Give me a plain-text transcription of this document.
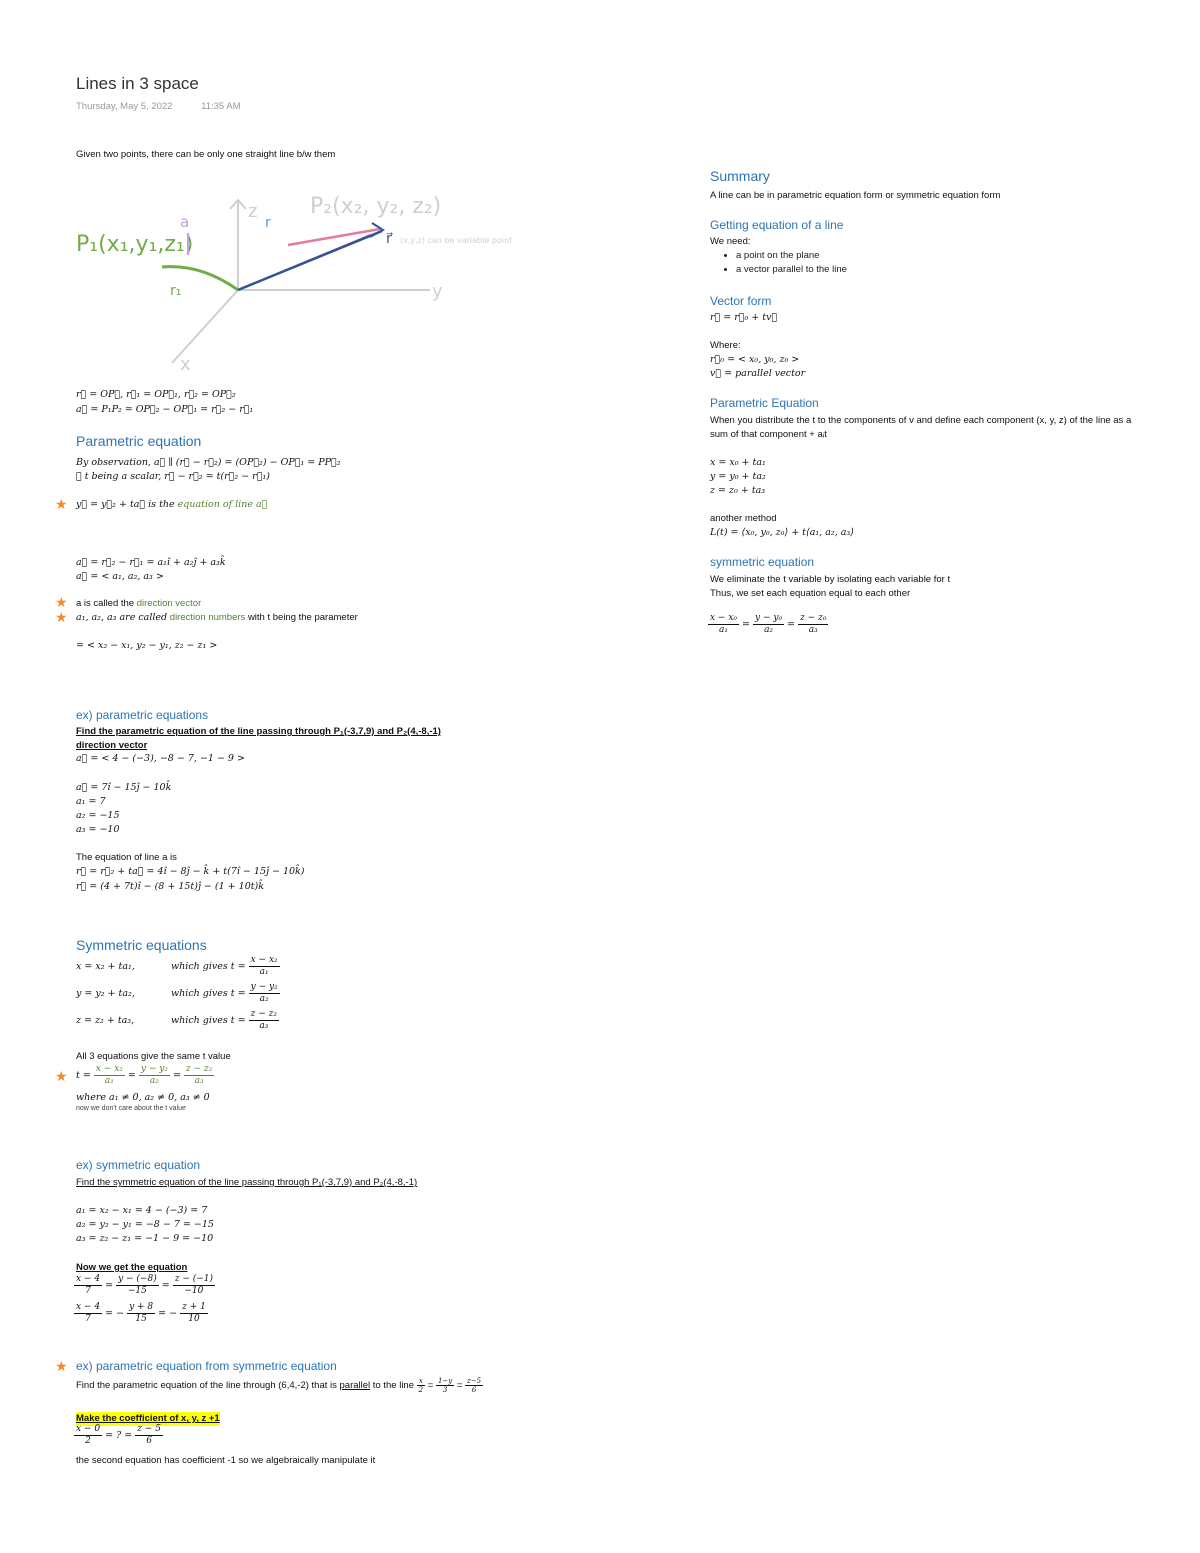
Lines in 3 space
Thursday, May 5, 2022	11:35 AM
Given two points, there can be only one straight line b/w them
z
y
x
P₁(x₁,y₁,z₁)
P₂(x₂, y₂, z₂)
(x,y,z) can be variable point
a	r
r₁
r⃗
r⃗ = OP⃗, r⃗₁ = OP⃗₁, r⃗₂ = OP⃗₂
a⃗ = P₁P₂ = OP⃗₂ − OP⃗₁ = r⃗₂ − r⃗₁
Parametric equation
By observation, a⃗ ∥ (r⃗ − r⃗₂) = (OP⃗₂) − OP⃗₁ = PP⃗₂
∴ t being a scalar, r⃗ − r⃗₂ = t(r⃗₂ − r⃗₁)
★ y⃗ = y⃗₂ + ta⃗ is the equation of line a⃗
a⃗ = r⃗₂ − r⃗₁ = a₁î + a₂ĵ + a₃k̂
a⃗ = < a₁, a₂, a₃ >
★ a is called the direction vector
★ a₁, a₂, a₃ are called direction numbers with t being the parameter
= < x₂ − x₁, y₂ − y₁, z₂ − z₁ >
ex) parametric equations
Find the parametric equation of the line passing through P₁(-3,7,9) and P₂(4,-8,-1)
direction vector
a⃗ = < 4 − (−3), −8 − 7, −1 − 9 >
a⃗ = 7î − 15ĵ − 10k̂
a₁ = 7
a₂ = −15
a₃ = −10
The equation of line a is
r⃗ = r⃗₂ + ta⃗ = 4î − 8ĵ − k̂ + t(7î − 15ĵ − 10k̂)
r⃗ = (4 + 7t)î − (8 + 15t)ĵ − (1 + 10t)k̂
Symmetric equations
x = x₂ + ta₁,	which gives $t = \frac{\text{x − x₂}}{\text{a₁}}$
y = y₂ + ta₂,	which gives $t = \frac{\text{y − y₂}}{\text{a₂}}$
z = z₂ + ta₃,	which gives $t = \frac{\text{z − z₂}}{\text{a₃}}$
All 3 equations give the same t value
★ $t = \frac{\text{x − x₂}}{\text{a₁}} = \frac{\text{y − y₂}}{\text{a₂}} = \frac{\text{z − z₂}}{\text{a₃}}$
where a₁ ≠ 0, a₂ ≠ 0, a₃ ≠ 0
now we don't care about the t value
ex) symmetric equation
Find the symmetric equation of the line passing through P₁(-3,7,9) and P₂(4,-8,-1)
a₁ = x₂ − x₁ = 4 − (−3) = 7
a₂ = y₂ − y₁ = −8 − 7 = −15
a₃ = z₂ − z₁ = −1 − 9 = −10
Now we get the equation
$\frac{x - 4}{7} = \frac{y - (-8)}{-15} = \frac{z - (-1)}{-10}$
$\frac{x - 4}{7}$ = − $\frac{y + 8}{15}$ = − $\frac{z + 1}{10}$
★ ex) parametric equation from symmetric equation
Find the parametric equation of the line through (6,4,-2) that is parallel to the line $\frac{x}{2} = \frac{1-y}{3} = \frac{z-5}{6}$
Make the coefficient of x, y, z +1
$\frac{x - 0}{2}$ = ? = $\frac{z - 5}{6}$
the second equation has coefficient -1 so we algebraically manipulate it
Summary
A line can be in parametric equation form or symmetric equation form
Getting equation of a line
We need:
• a point on the plane
• a vector parallel to the line
Vector form
r⃗ = r⃗₀ + tv⃗
Where:
r⃗₀ = < x₀, y₀, z₀ >
v⃗ = parallel vector
Parametric Equation
When you distribute the t to the components of v and define each component (x, y, z) of the line as a
sum of that component + aᵢt
x = x₀ + ta₁
y = y₀ + ta₂
z = z₀ + ta₃
another method
L(t) = ⟨x₀, y₀, z₀⟩ + t⟨a₁, a₂, a₃⟩
symmetric equation
We eliminate the t variable by isolating each variable for t
Thus, we set each equation equal to each other
$\frac{\text{x − x₀}}{\text{a₁}} = \frac{\text{y − y₀}}{\text{a₂}} = \frac{\text{z − z₀}}{\text{a₃}}$
